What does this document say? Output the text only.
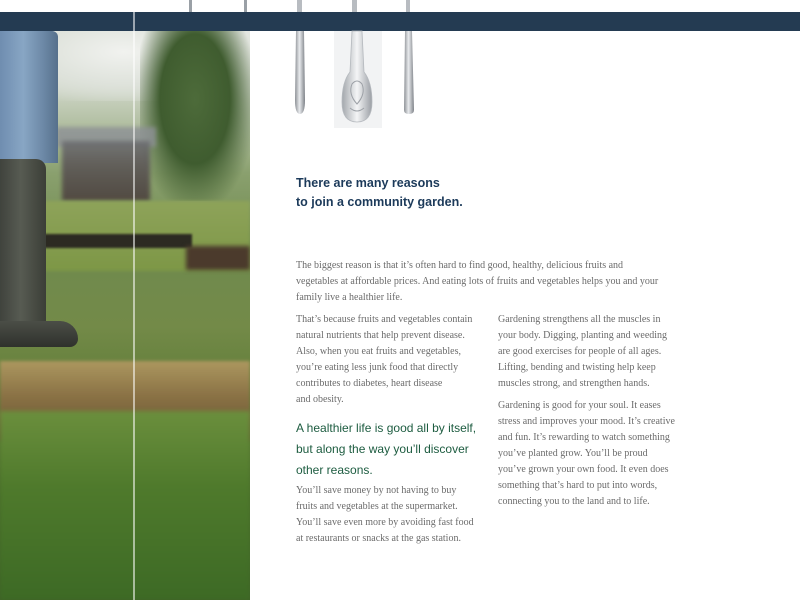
There are many reasons
to join a community garden.

The biggest reason is that it’s often hard to find good, healthy, delicious fruits and
vegetables at affordable prices. And eating lots of fruits and vegetables helps you and your
family live a healthier life.

That’s because fruits and vegetables contain
natural nutrients that help prevent disease.
Also, when you eat fruits and vegetables,
you’re eating less junk food that directly
contributes to diabetes, heart disease
and obesity.

A healthier life is good all by itself,
but along the way you’ll discover
other reasons.

You’ll save money by not having to buy
fruits and vegetables at the supermarket.
You’ll save even more by avoiding fast food
at restaurants or snacks at the gas station.

Gardening strengthens all the muscles in
your body. Digging, planting and weeding
are good exercises for people of all ages.
Lifting, bending and twisting help keep
muscles strong, and strengthen hands.

Gardening is good for your soul. It eases
stress and improves your mood. It’s creative
and fun. It’s rewarding to watch something
you’ve planted grow. You’ll be proud
you’ve grown your own food. It even does
something that’s hard to put into words,
connecting you to the land and to life.
